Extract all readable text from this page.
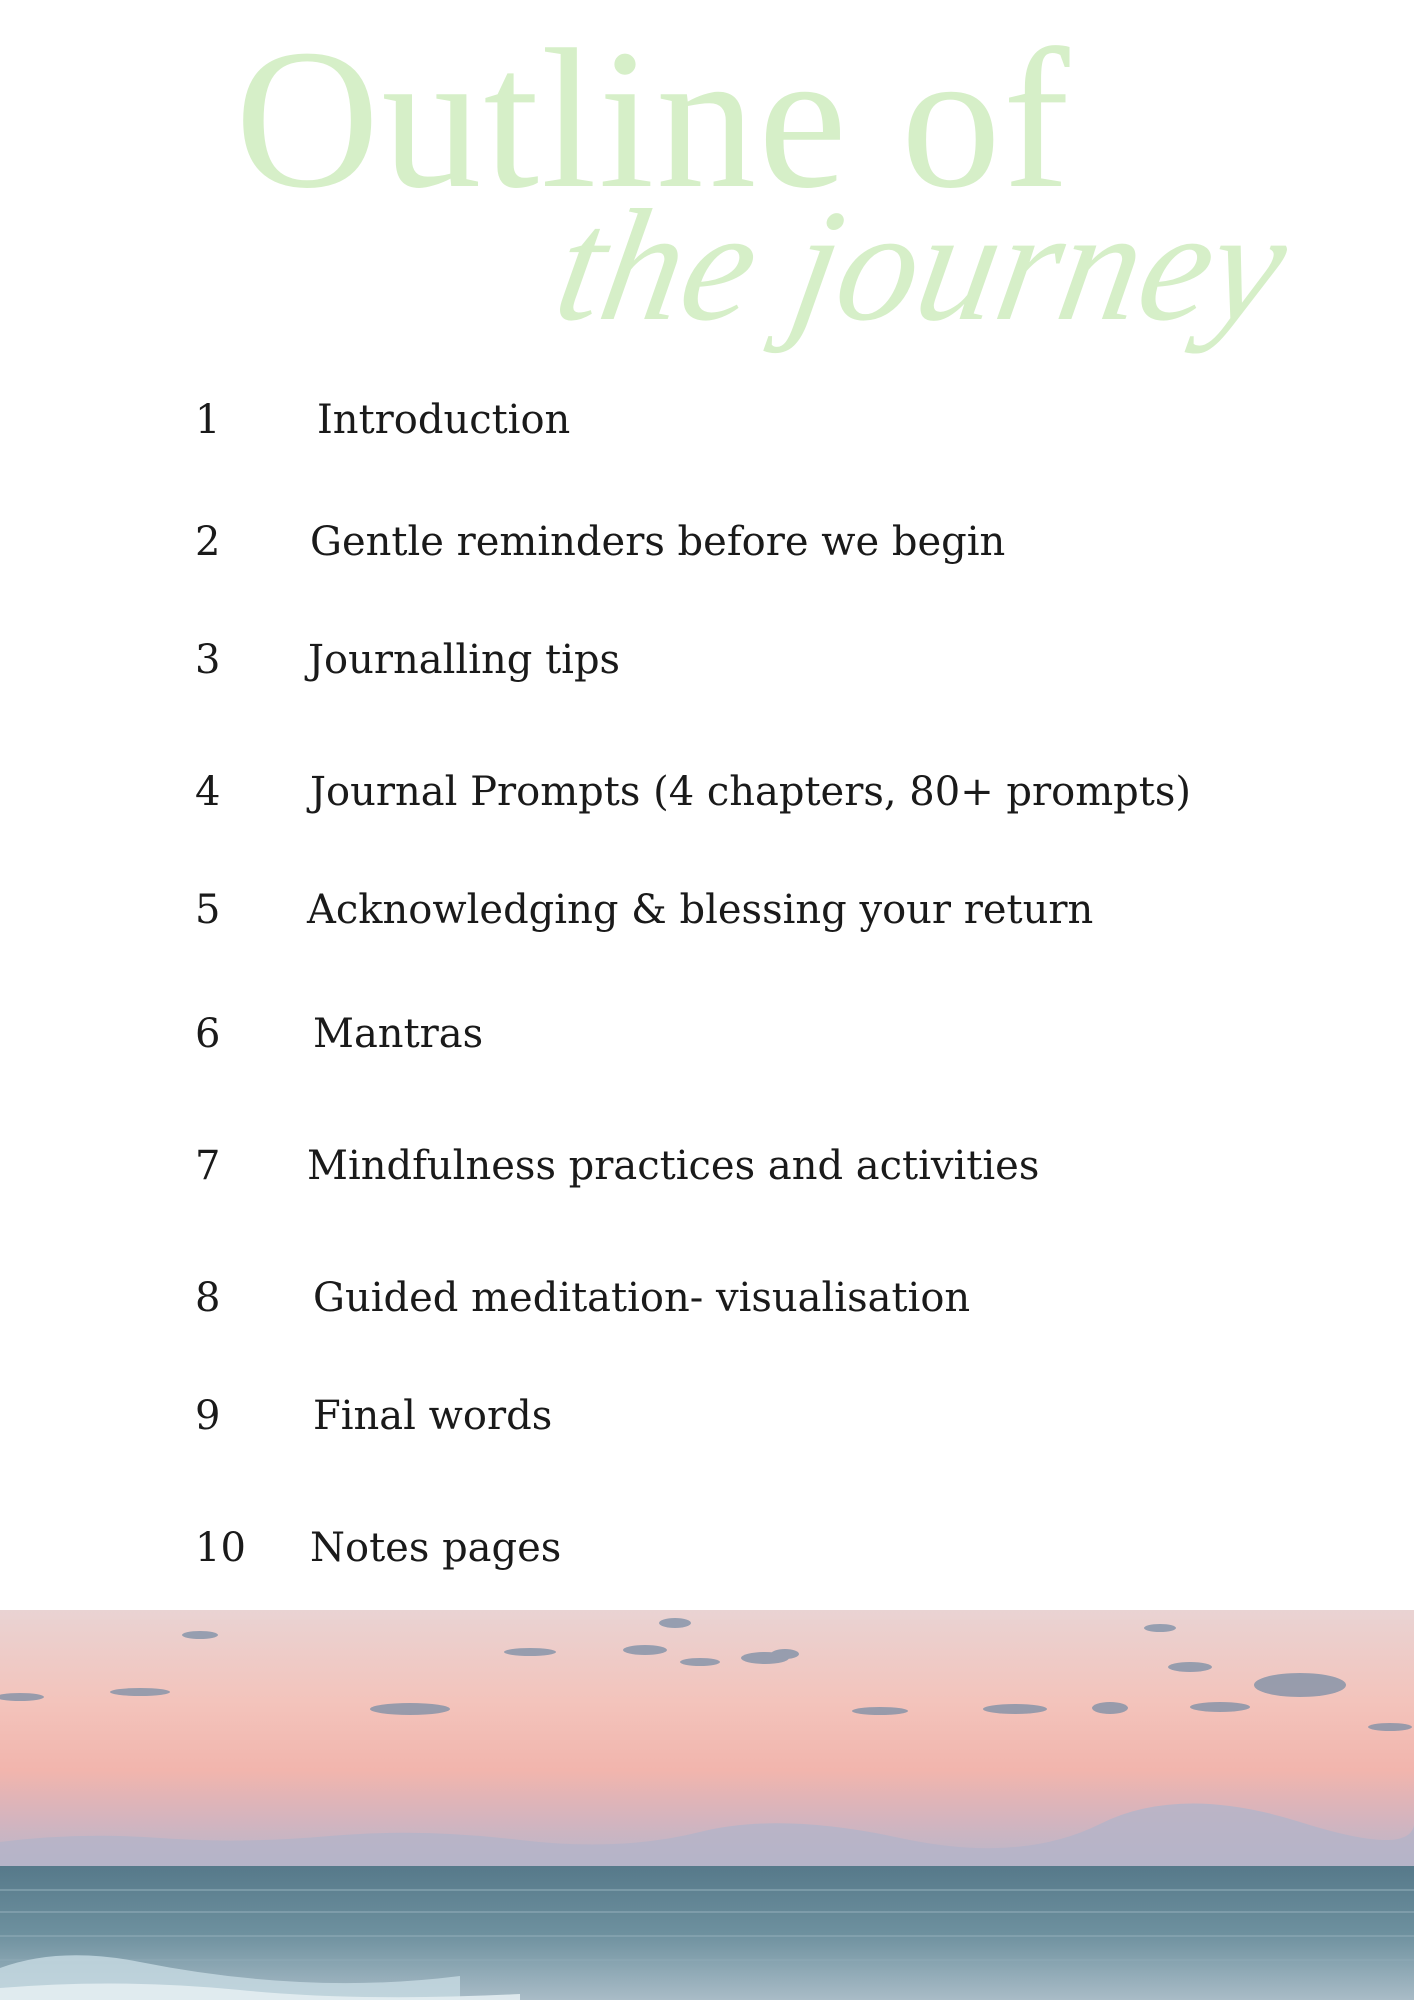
Outline of
the journey
1	Introduction
2	Gentle reminders before we begin
3	Journalling tips
4	Journal Prompts (4 chapters, 80+ prompts)
5	Acknowledging & blessing your return
6	Mantras
7	Mindfulness practices and activities
8	Guided meditation- visualisation
9	Final words
10	Notes pages
